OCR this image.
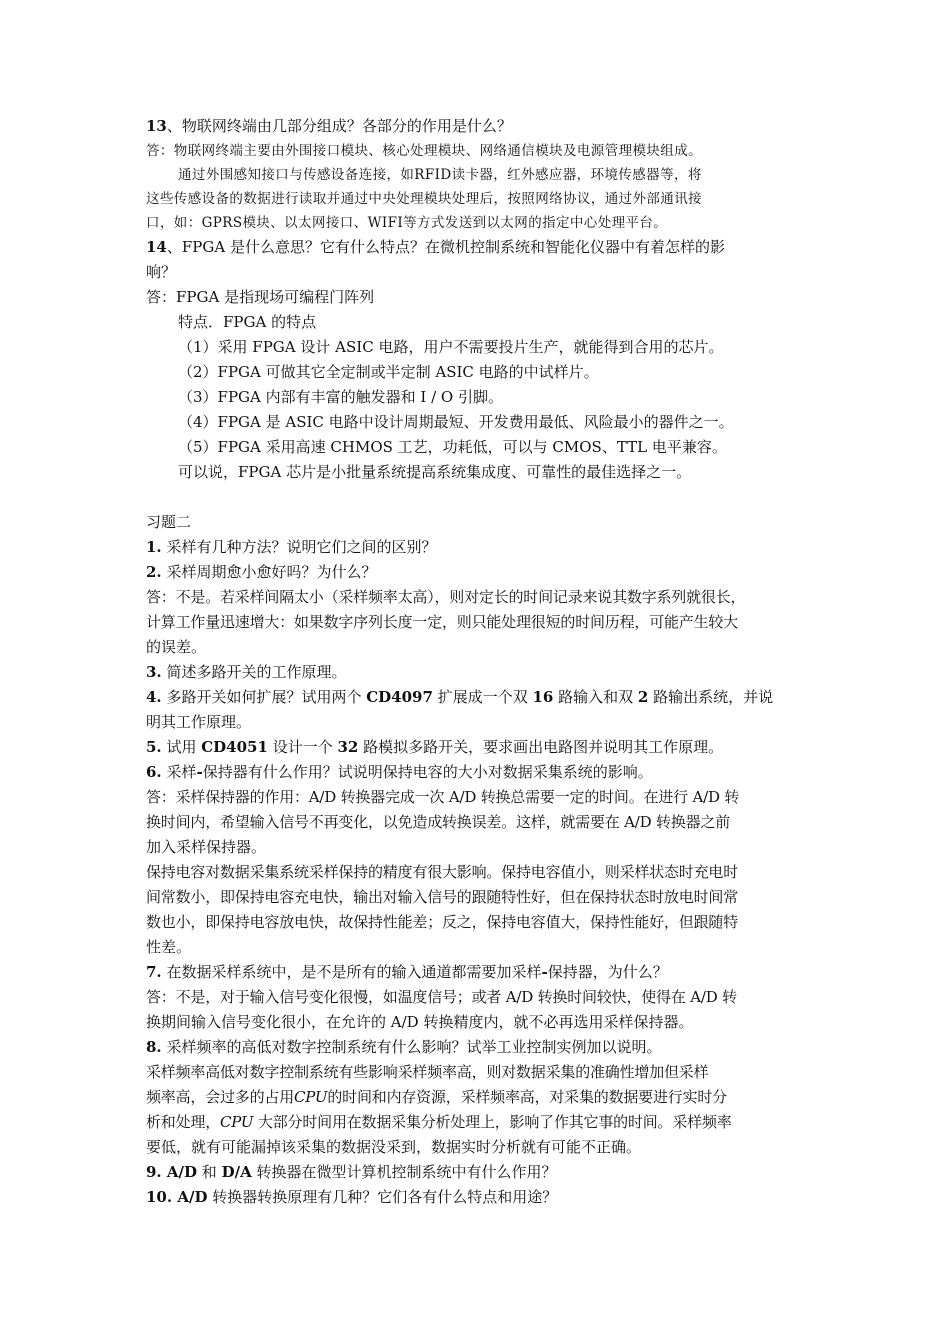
13、物联网终端由几部分组成？各部分的作用是什么？
答：物联网终端主要由外围接口模块、核心处理模块、网络通信模块及电源管理模块组成。
通过外围感知接口与传感设备连接，如RFID读卡器，红外感应器，环境传感器等，将
这些传感设备的数据进行读取并通过中央处理模块处理后，按照网络协议，通过外部通讯接
口，如：GPRS模块、以太网接口、WIFI等方式发送到以太网的指定中心处理平台。
14、FPGA 是什么意思？它有什么特点？在微机控制系统和智能化仪器中有着怎样的影
响？
答：FPGA 是指现场可编程门阵列
特点．FPGA 的特点
（1）采用 FPGA 设计 ASIC 电路，用户不需要投片生产，就能得到合用的芯片。
（2）FPGA 可做其它全定制或半定制 ASIC 电路的中试样片。
（3）FPGA 内部有丰富的触发器和 I / O 引脚。
（4）FPGA 是 ASIC 电路中设计周期最短、开发费用最低、风险最小的器件之一。
（5）FPGA 采用高速 CHMOS 工艺，功耗低，可以与 CMOS、TTL 电平兼容。
可以说，FPGA 芯片是小批量系统提高系统集成度、可靠性的最佳选择之一。
习题二
1. 采样有几种方法？说明它们之间的区别？
2. 采样周期愈小愈好吗？为什么？
答：不是。若采样间隔太小（采样频率太高），则对定长的时间记录来说其数字系列就很长，
计算工作量迅速增大：如果数字序列长度一定，则只能处理很短的时间历程，可能产生较大
的误差。
3. 简述多路开关的工作原理。
4. 多路开关如何扩展？试用两个 CD4097 扩展成一个双 16 路输入和双 2 路输出系统，并说
明其工作原理。
5. 试用 CD4051 设计一个 32 路模拟多路开关，要求画出电路图并说明其工作原理。
6. 采样-保持器有什么作用？试说明保持电容的大小对数据采集系统的影响。
答：采样保持器的作用：A/D 转换器完成一次 A/D 转换总需要一定的时间。在进行 A/D 转
换时间内，希望输入信号不再变化，以免造成转换误差。这样，就需要在 A/D 转换器之前
加入采样保持器。
保持电容对数据采集系统采样保持的精度有很大影响。保持电容值小，则采样状态时充电时
间常数小，即保持电容充电快，输出对输入信号的跟随特性好，但在保持状态时放电时间常
数也小，即保持电容放电快，故保持性能差；反之，保持电容值大，保持性能好，但跟随特
性差。
7. 在数据采样系统中，是不是所有的输入通道都需要加采样-保持器，为什么？
答：不是，对于输入信号变化很慢，如温度信号；或者 A/D 转换时间较快，使得在 A/D 转
换期间输入信号变化很小，在允许的 A/D 转换精度内，就不必再选用采样保持器。
8. 采样频率的高低对数字控制系统有什么影响？试举工业控制实例加以说明。
采样频率高低对数字控制系统有些影响采样频率高，则对数据采集的准确性增加但采样
频率高，会过多的占用CPU的时间和内存资源，采样频率高，对采集的数据要进行实时分
析和处理，CPU 大部分时间用在数据采集分析处理上，影响了作其它事的时间。采样频率
要低，就有可能漏掉该采集的数据没采到，数据实时分析就有可能不正确。
9. A/D 和 D/A 转换器在微型计算机控制系统中有什么作用？
10. A/D 转换器转换原理有几种？它们各有什么特点和用途？
